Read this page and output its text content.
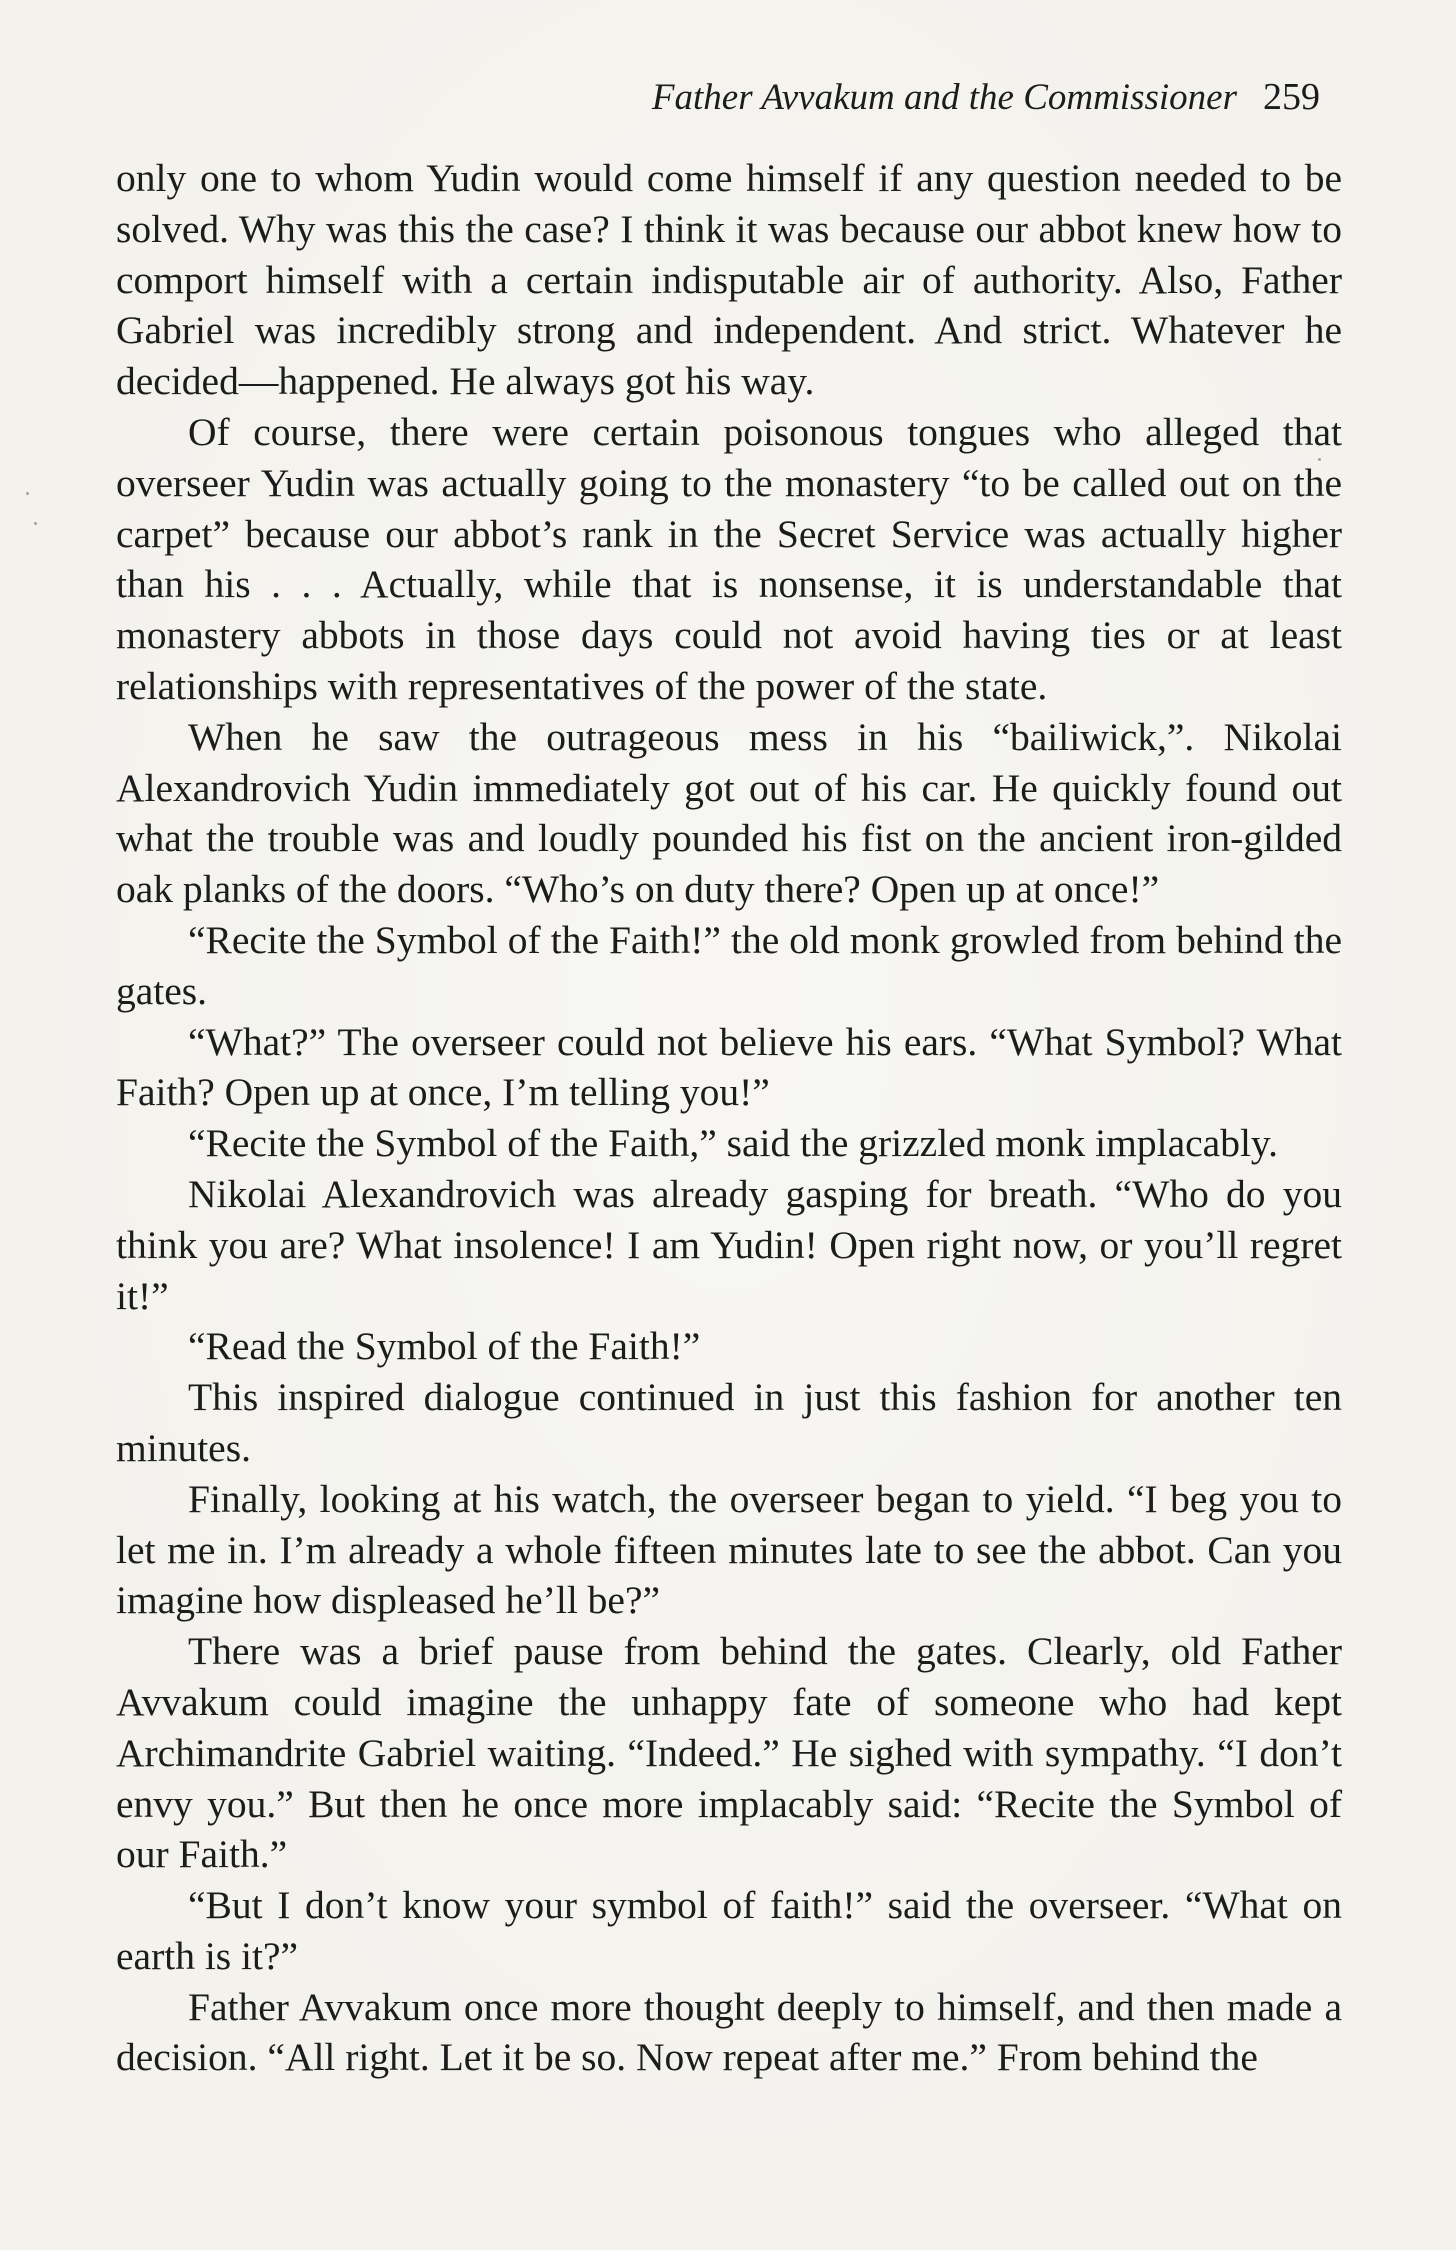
Father Avvakum and the Commissioner 259

only one to whom Yudin would come himself if any question needed to be solved. Why was this the case? I think it was because our abbot knew how to comport himself with a certain indisputable air of authority. Also, Father Gabriel was incredibly strong and independent. And strict. Whatever he decided—happened. He always got his way.

Of course, there were certain poisonous tongues who alleged that overseer Yudin was actually going to the monastery “to be called out on the carpet” because our abbot’s rank in the Secret Service was actually higher than his . . . Actually, while that is nonsense, it is understandable that monastery abbots in those days could not avoid having ties or at least relationships with representatives of the power of the state.

When he saw the outrageous mess in his “bailiwick,”. Nikolai Alexandrovich Yudin immediately got out of his car. He quickly found out what the trouble was and loudly pounded his fist on the ancient iron-gilded oak planks of the doors. “Who’s on duty there? Open up at once!”

“Recite the Symbol of the Faith!” the old monk growled from behind the gates.

“What?” The overseer could not believe his ears. “What Symbol? What Faith? Open up at once, I’m telling you!”

“Recite the Symbol of the Faith,” said the grizzled monk implacably.

Nikolai Alexandrovich was already gasping for breath. “Who do you think you are? What insolence! I am Yudin! Open right now, or you’ll regret it!”

“Read the Symbol of the Faith!”

This inspired dialogue continued in just this fashion for another ten minutes.

Finally, looking at his watch, the overseer began to yield. “I beg you to let me in. I’m already a whole fifteen minutes late to see the abbot. Can you imagine how displeased he’ll be?”

There was a brief pause from behind the gates. Clearly, old Father Avvakum could imagine the unhappy fate of someone who had kept Archimandrite Gabriel waiting. “Indeed.” He sighed with sympathy. “I don’t envy you.” But then he once more implacably said: “Recite the Symbol of our Faith.”

“But I don’t know your symbol of faith!” said the overseer. “What on earth is it?”

Father Avvakum once more thought deeply to himself, and then made a decision. “All right. Let it be so. Now repeat after me.” From behind the
